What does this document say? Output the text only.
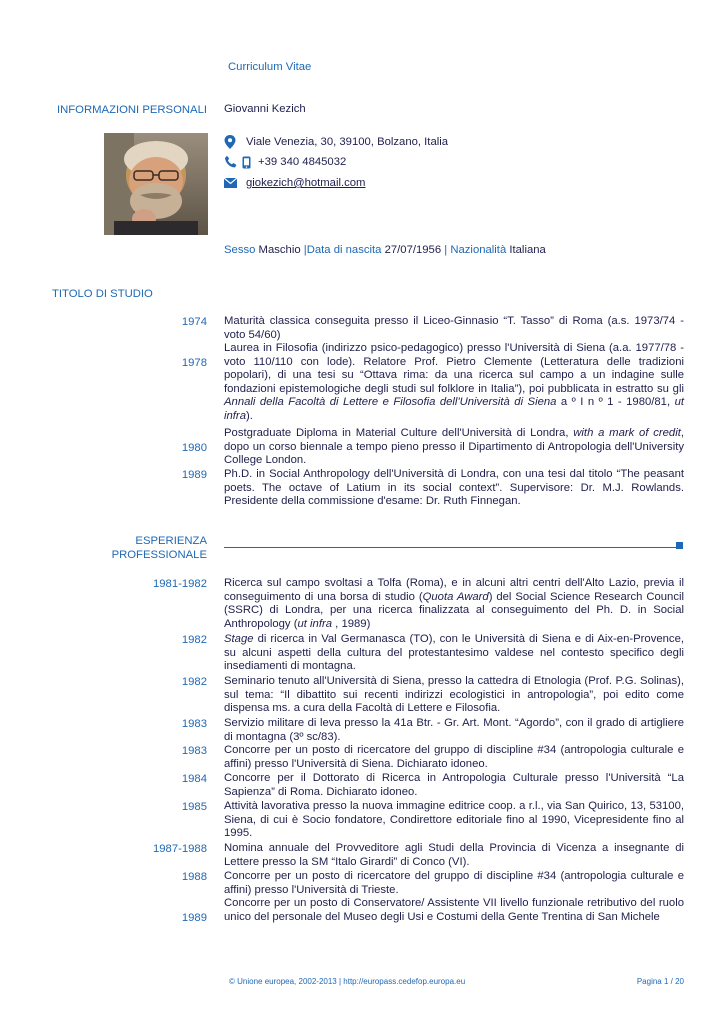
Curriculum Vitae
INFORMAZIONI PERSONALI Giovanni Kezich
Viale Venezia, 30, 39100, Bolzano, Italia
+39 340 4845032
giokezich@hotmail.com
Sesso Maschio |Data di nascita 27/07/1956 | Nazionalità Italiana
TITOLO DI STUDIO
1974 Maturità classica conseguita presso il Liceo-Ginnasio “T. Tasso” di Roma (a.s. 1973/74 - voto 54/60)
1978
Laurea in Filosofia (indirizzo psico-pedagogico) presso l'Università di Siena (a.a. 1977/78 - voto 110/110 con lode). Relatore Prof. Pietro Clemente (Letteratura delle tradizioni popolari), di una tesi su “Ottava rima: da una ricerca sul campo a un indagine sulle fondazioni epistemologiche degli studi sul folklore in Italia”), poi pubblicata in estratto su gli Annali della Facoltà di Lettere e Filosofia dell'Università di Siena a º I n º 1 - 1980/81, ut infra).
1980
Postgraduate Diploma in Material Culture dell'Università di Londra, with a mark of credit, dopo un corso biennale a tempo pieno presso il Dipartimento di Antropologia dell'University College London.
1989 Ph.D. in Social Anthropology dell'Università di Londra, con una tesi dal titolo “The peasant poets. The octave of Latium in its social context”. Supervisore: Dr. M.J. Rowlands. Presidente della commissione d'esame: Dr. Ruth Finnegan.
ESPERIENZA
PROFESSIONALE
1981-1982 Ricerca sul campo svoltasi a Tolfa (Roma), e in alcuni altri centri dell'Alto Lazio, previa il conseguimento di una borsa di studio (Quota Award) del Social Science Research Council (SSRC) di Londra, per una ricerca finalizzata al conseguimento del Ph. D. in Social Anthropology (ut infra , 1989)
1982 Stage di ricerca in Val Germanasca (TO), con le Università di Siena e di Aix-en-Provence, su alcuni aspetti della cultura del protestantesimo valdese nel contesto specifico degli insediamenti di montagna.
1982 Seminario tenuto all'Università di Siena, presso la cattedra di Etnologia (Prof. P.G. Solinas), sul tema: “Il dibattito sui recenti indirizzi ecologistici in antropologia”, poi edito come dispensa ms. a cura della Facoltà di Lettere e Filosofia.
1983 Servizio militare di leva presso la 41a Btr. - Gr. Art. Mont. “Agordo”, con il grado di artigliere di montagna (3º sc/83).
1983 Concorre per un posto di ricercatore del gruppo di discipline #34 (antropologia culturale e affini) presso l'Università di Siena. Dichiarato idoneo.
1984 Concorre per il Dottorato di Ricerca in Antropologia Culturale presso l'Università “La Sapienza” di Roma. Dichiarato idoneo.
1985 Attività lavorativa presso la nuova immagine editrice coop. a r.l., via San Quirico, 13, 53100, Siena, di cui è Socio fondatore, Condirettore editoriale fino al 1990, Vicepresidente fino al 1995.
1987-1988 Nomina annuale del Provveditore agli Studi della Provincia di Vicenza a insegnante di Lettere presso la SM “Italo Girardi” di Conco (VI).
1988 Concorre per un posto di ricercatore del gruppo di discipline #34 (antropologia culturale e affini) presso l'Università di Trieste.
1989
Concorre per un posto di Conservatore/ Assistente VII livello funzionale retributivo del ruolo unico del personale del Museo degli Usi e Costumi della Gente Trentina di San Michele
© Unione europea, 2002-2013 | http://europass.cedefop.europa.eu	Pagina 1 / 20
